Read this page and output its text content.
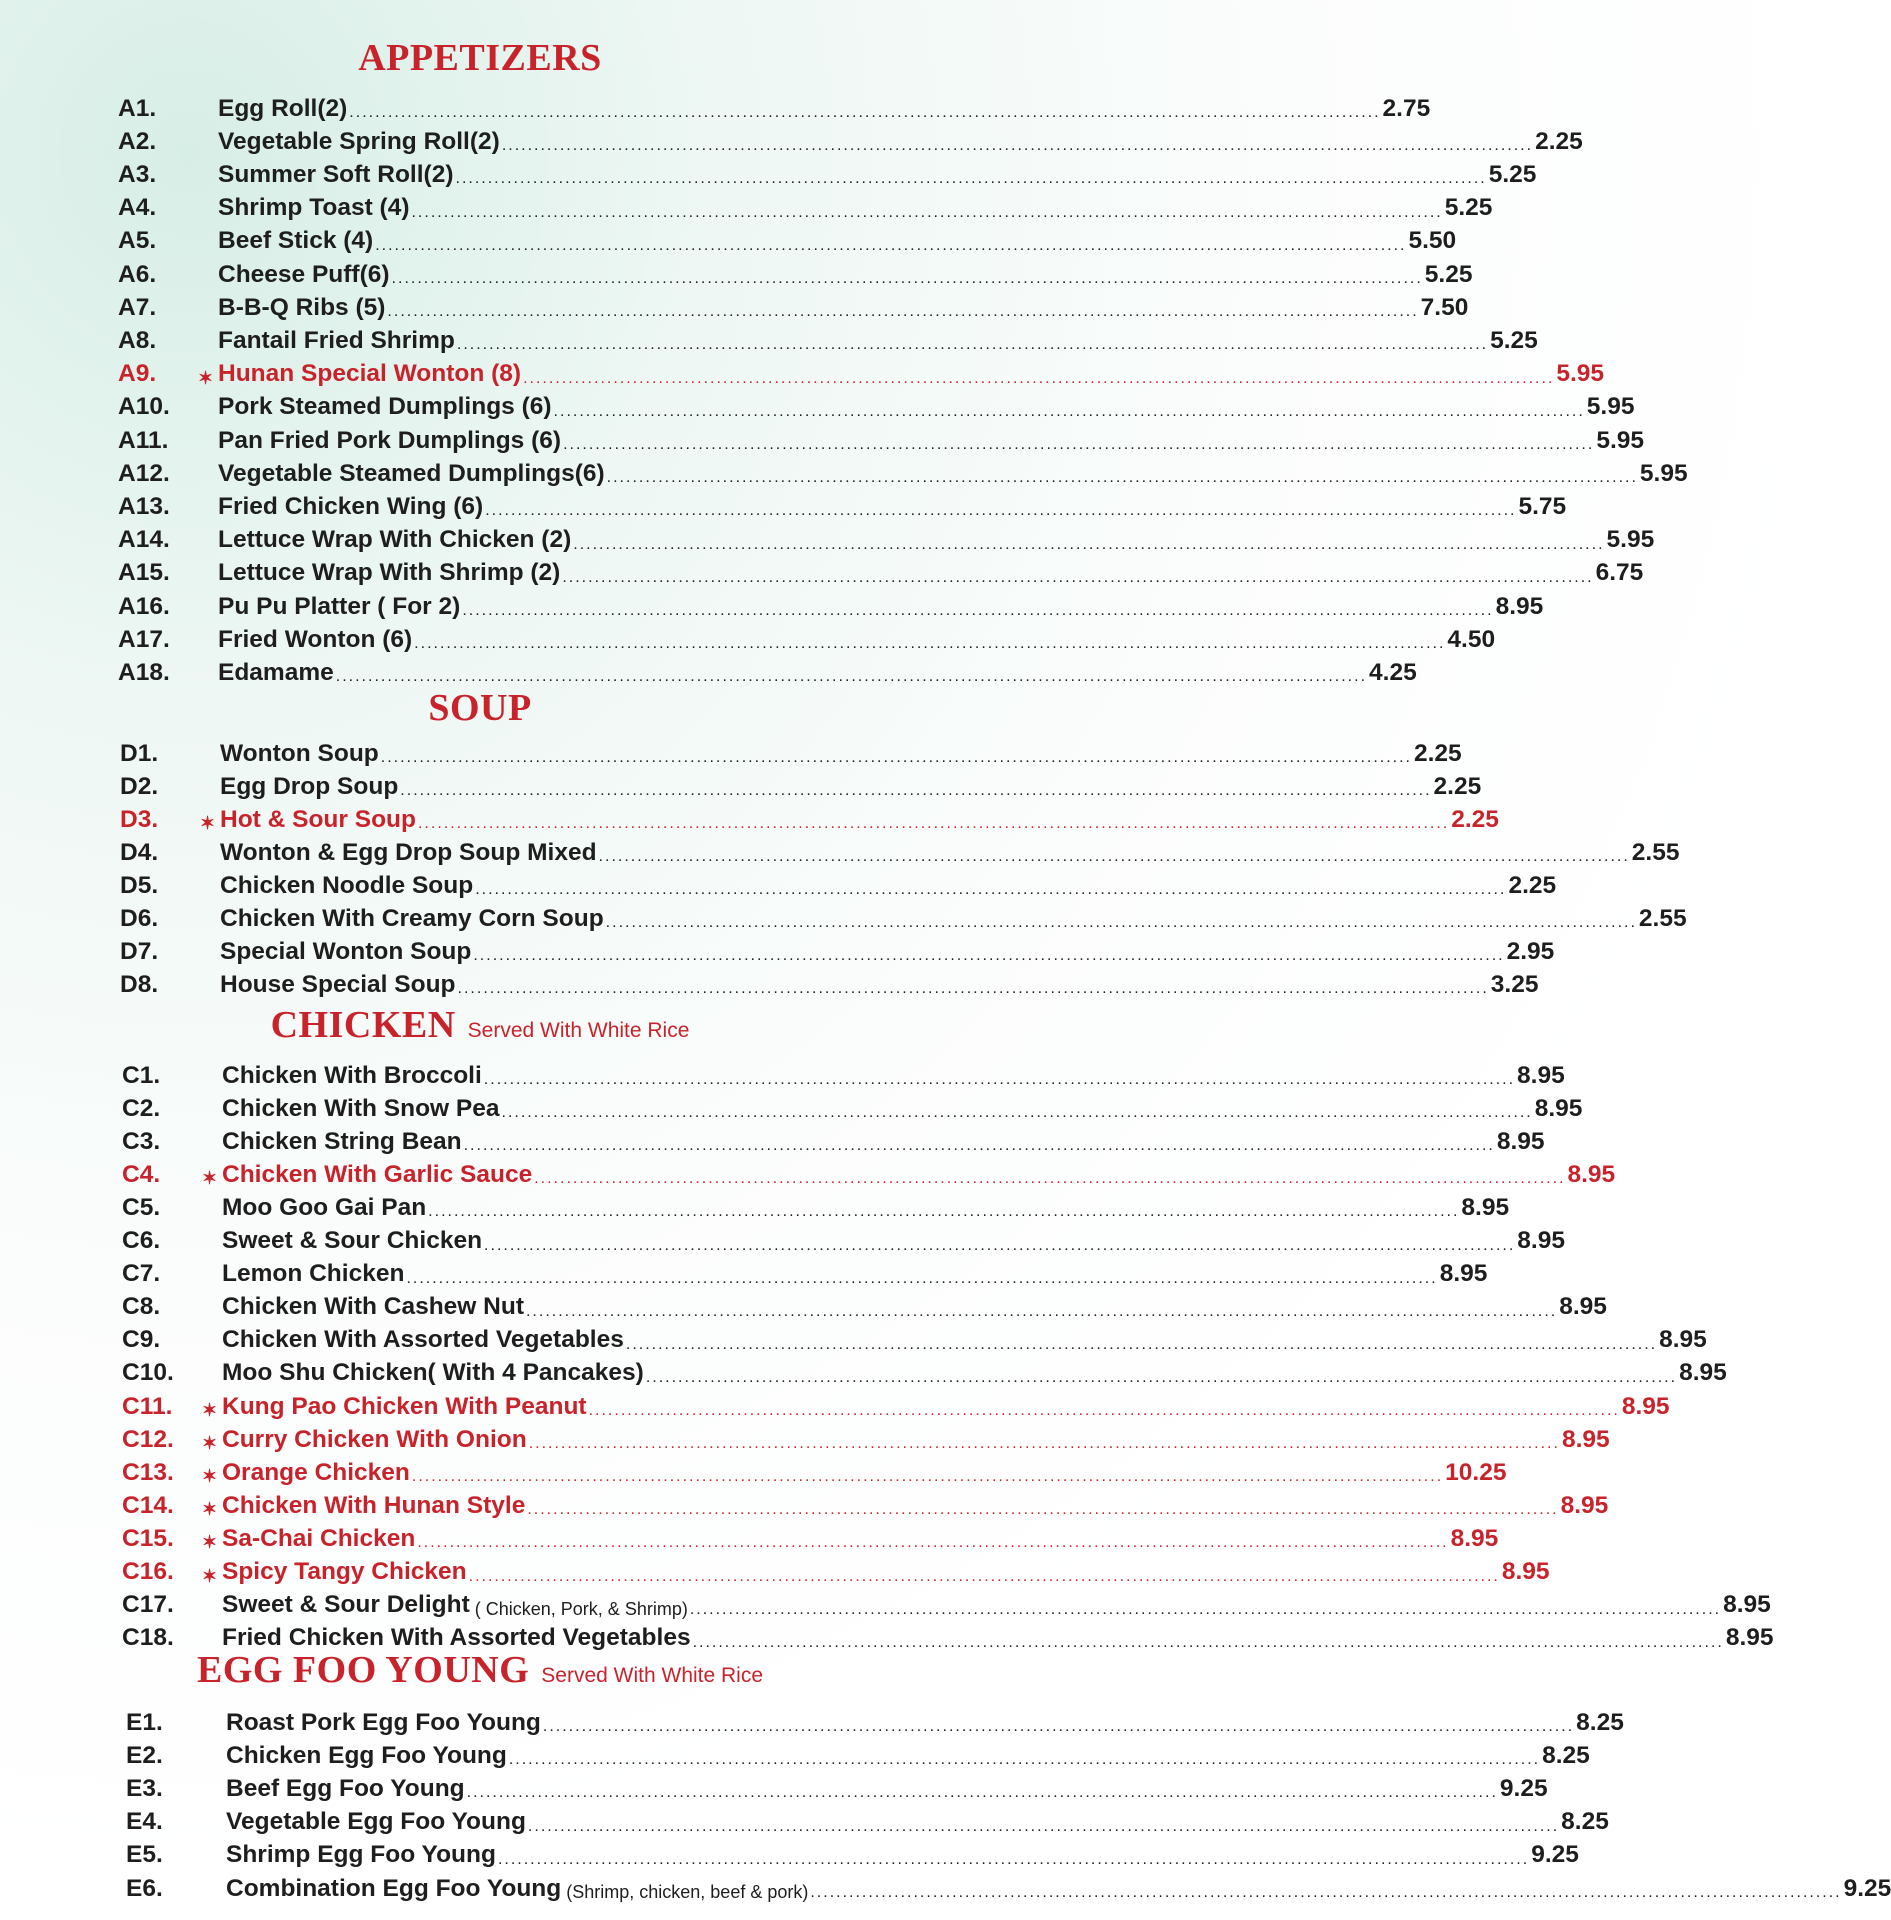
APPETIZERS
A1.	Egg Roll(2) ................................................................................................................................................................ 2.75
A2.	Vegetable Spring Roll(2) ................................................................................................................................................................ 2.25
A3.	Summer Soft Roll(2) ................................................................................................................................................................ 5.25
A4.	Shrimp Toast (4) ................................................................................................................................................................ 5.25
A5.	Beef Stick (4) ................................................................................................................................................................ 5.50
A6.	Cheese Puff(6) ................................................................................................................................................................ 5.25
A7.	B-B-Q Ribs (5) ................................................................................................................................................................ 7.50
A8.	Fantail Fried Shrimp ................................................................................................................................................................ 5.25
A9.	✶ Hunan Special Wonton (8) ................................................................................................................................................................ 5.95
A10.	Pork Steamed Dumplings (6) ................................................................................................................................................................ 5.95
A11.	Pan Fried Pork Dumplings (6) ................................................................................................................................................................ 5.95
A12.	Vegetable Steamed Dumplings(6) ................................................................................................................................................................ 5.95
A13.	Fried Chicken Wing (6) ................................................................................................................................................................ 5.75
A14.	Lettuce Wrap With Chicken (2) ................................................................................................................................................................ 5.95
A15.	Lettuce Wrap With Shrimp (2) ................................................................................................................................................................ 6.75
A16.	Pu Pu Platter ( For 2) ................................................................................................................................................................ 8.95
A17.	Fried Wonton (6) ................................................................................................................................................................ 4.50
A18.	Edamame ................................................................................................................................................................ 4.25
SOUP
D1.	Wonton Soup ................................................................................................................................................................ 2.25
D2.	Egg Drop Soup ................................................................................................................................................................ 2.25
D3.	✶ Hot & Sour Soup ................................................................................................................................................................ 2.25
D4.	Wonton & Egg Drop Soup Mixed ................................................................................................................................................................ 2.55
D5.	Chicken Noodle Soup ................................................................................................................................................................ 2.25
D6.	Chicken With Creamy Corn Soup ................................................................................................................................................................ 2.55
D7.	Special Wonton Soup ................................................................................................................................................................ 2.95
D8.	House Special Soup ................................................................................................................................................................ 3.25
CHICKEN Served With White Rice
C1.	Chicken With Broccoli ................................................................................................................................................................ 8.95
C2.	Chicken With Snow Pea ................................................................................................................................................................ 8.95
C3.	Chicken String Bean ................................................................................................................................................................ 8.95
C4.	✶ Chicken With Garlic Sauce ................................................................................................................................................................ 8.95
C5.	Moo Goo Gai Pan ................................................................................................................................................................ 8.95
C6.	Sweet & Sour Chicken ................................................................................................................................................................ 8.95
C7.	Lemon Chicken ................................................................................................................................................................ 8.95
C8.	Chicken With Cashew Nut ................................................................................................................................................................ 8.95
C9.	Chicken With Assorted Vegetables ................................................................................................................................................................ 8.95
C10.	Moo Shu Chicken( With 4 Pancakes) ................................................................................................................................................................ 8.95
C11.	✶ Kung Pao Chicken With Peanut ................................................................................................................................................................ 8.95
C12.	✶ Curry Chicken With Onion ................................................................................................................................................................ 8.95
C13.	✶ Orange Chicken ................................................................................................................................................................ 10.25
C14.	✶ Chicken With Hunan Style ................................................................................................................................................................ 8.95
C15.	✶ Sa-Chai Chicken ................................................................................................................................................................ 8.95
C16.	✶ Spicy Tangy Chicken ................................................................................................................................................................ 8.95
C17.	Sweet & Sour Delight ( Chicken, Pork, & Shrimp) ................................................................................................................................................................ 8.95
C18.	Fried Chicken With Assorted Vegetables ................................................................................................................................................................ 8.95
EGG FOO YOUNG Served With White Rice
E1.	Roast Pork Egg Foo Young ................................................................................................................................................................ 8.25
E2.	Chicken Egg Foo Young ................................................................................................................................................................ 8.25
E3.	Beef Egg Foo Young ................................................................................................................................................................ 9.25
E4.	Vegetable Egg Foo Young ................................................................................................................................................................ 8.25
E5.	Shrimp Egg Foo Young ................................................................................................................................................................ 9.25
E6.	Combination Egg Foo Young (Shrimp, chicken, beef & pork) ................................................................................................................................................................ 9.25
